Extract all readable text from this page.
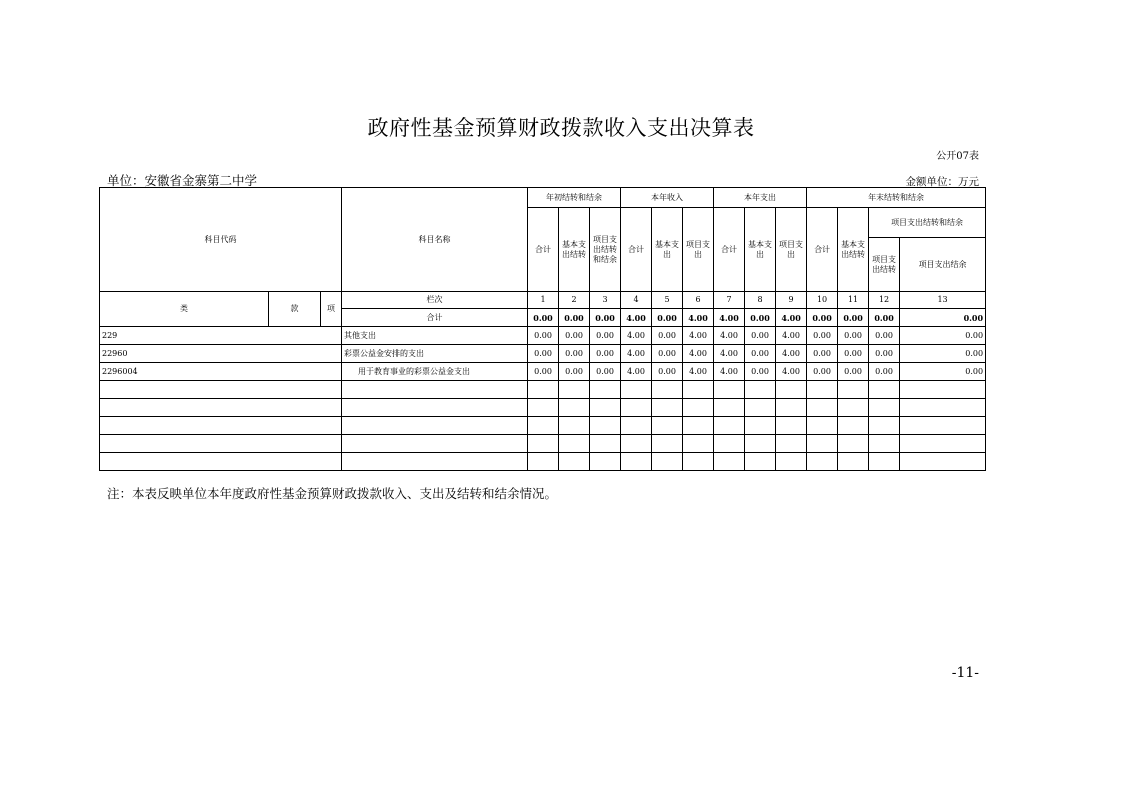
政府性基金预算财政拨款收入支出决算表
公开07表
单位：安徽省金寨第二中学	金额单位：万元
科目代码			科目名称	年初结转和结余			本年收入			本年支出			年末结转和结余			
				合计	基本支出结转	项目支出结转和结余	合计	基本支出	项目支出	合计	基本支出	项目支出	合计	基本支出结转	项目支出结转和结余	
															项目支出结转	项目支出结余
类	款	项	栏次	1	2	3	4	5	6	7	8	9	10	11	12	13
			合计	0.00	0.00	0.00	4.00	0.00	4.00	4.00	0.00	4.00	0.00	0.00	0.00	0.00
229			其他支出	0.00	0.00	0.00	4.00	0.00	4.00	4.00	0.00	4.00	0.00	0.00	0.00	0.00
22960			彩票公益金安排的支出	0.00	0.00	0.00	4.00	0.00	4.00	4.00	0.00	4.00	0.00	0.00	0.00	0.00
2296004			用于教育事业的彩票公益金支出	0.00	0.00	0.00	4.00	0.00	4.00	4.00	0.00	4.00	0.00	0.00	0.00	0.00

注：本表反映单位本年度政府性基金预算财政拨款收入、支出及结转和结余情况。
-11-
